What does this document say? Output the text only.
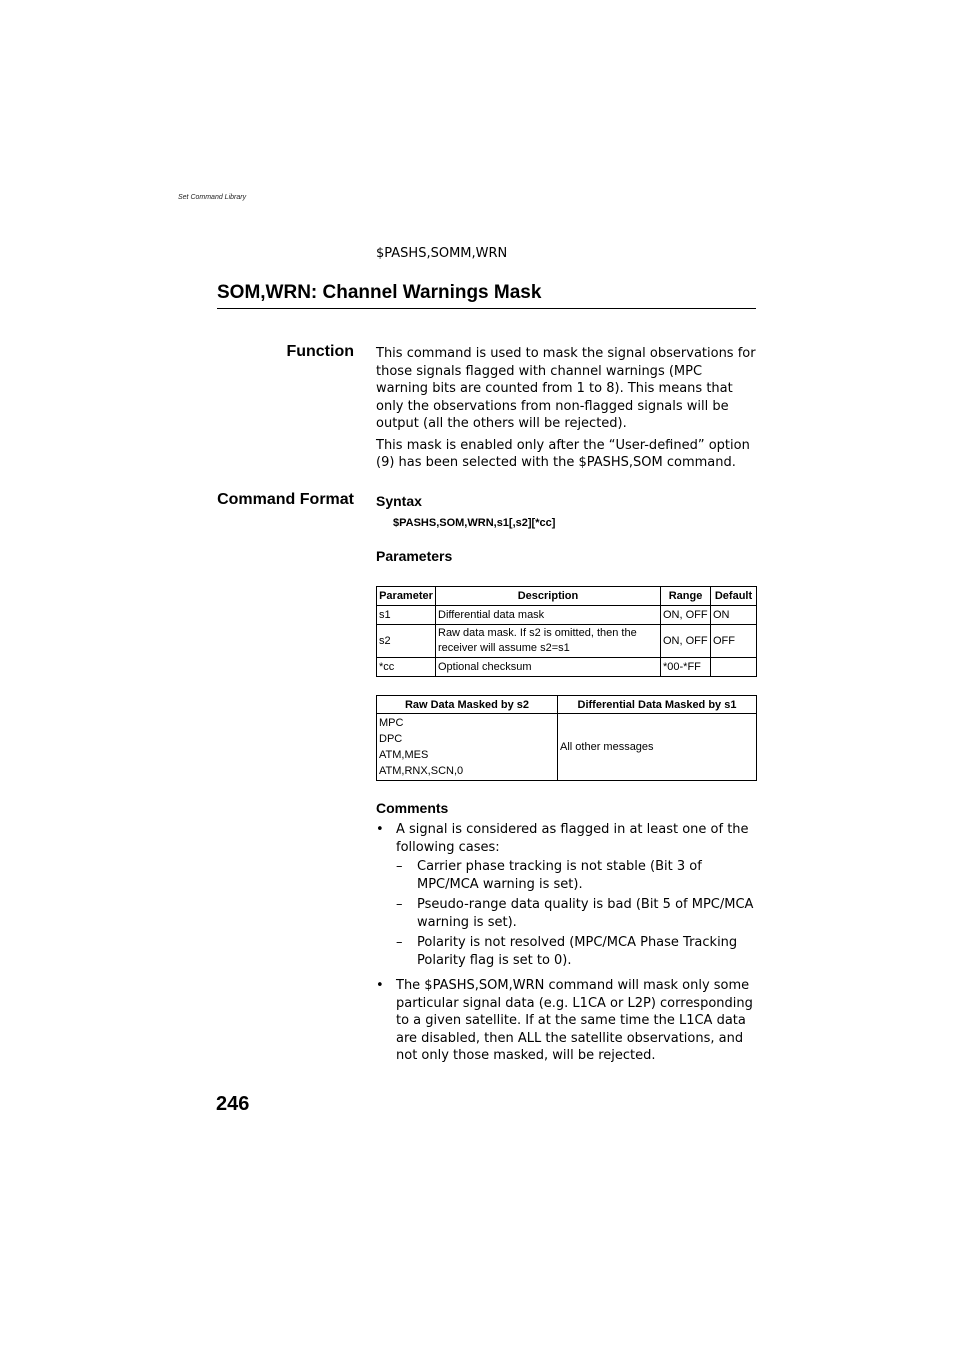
Set Command Library
$PASHS,SOMM,WRN
SOM,WRN: Channel Warnings Mask
Function This command is used to mask the signal observations for those signals flagged with channel warnings (MPC warning bits are counted from 1 to 8). This means that only the observations from non-flagged signals will be output (all the others will be rejected).

This mask is enabled only after the “User-defined” option (9) has been selected with the $PASHS,SOM command.

Command Format Syntax
$PASHS,SOM,WRN,s1[,s2][*cc]
Parameters
Parameter	Description	Range	Default
s1	Differential data mask	ON, OFF	ON
s2	Raw data mask. If s2 is omitted, then the receiver will assume s2=s1	ON, OFF	OFF
*cc	Optional checksum	*00-*FF	
Raw Data Masked by s2	Differential Data Masked by s1

MPC
DPC
ATM,MES
ATM,RNX,SCN,0	All other messages
Comments
• A signal is considered as flagged in at least one of the following cases:
– Carrier phase tracking is not stable (Bit 3 of MPC/MCA warning is set).
– Pseudo-range data quality is bad (Bit 5 of MPC/MCA warning is set).
– Polarity is not resolved (MPC/MCA Phase Tracking Polarity flag is set to 0).
• The $PASHS,SOM,WRN command will mask only some particular signal data (e.g. L1CA or L2P) corresponding to a given satellite. If at the same time the L1CA data are disabled, then ALL the satellite observations, and not only those masked, will be rejected.
246
